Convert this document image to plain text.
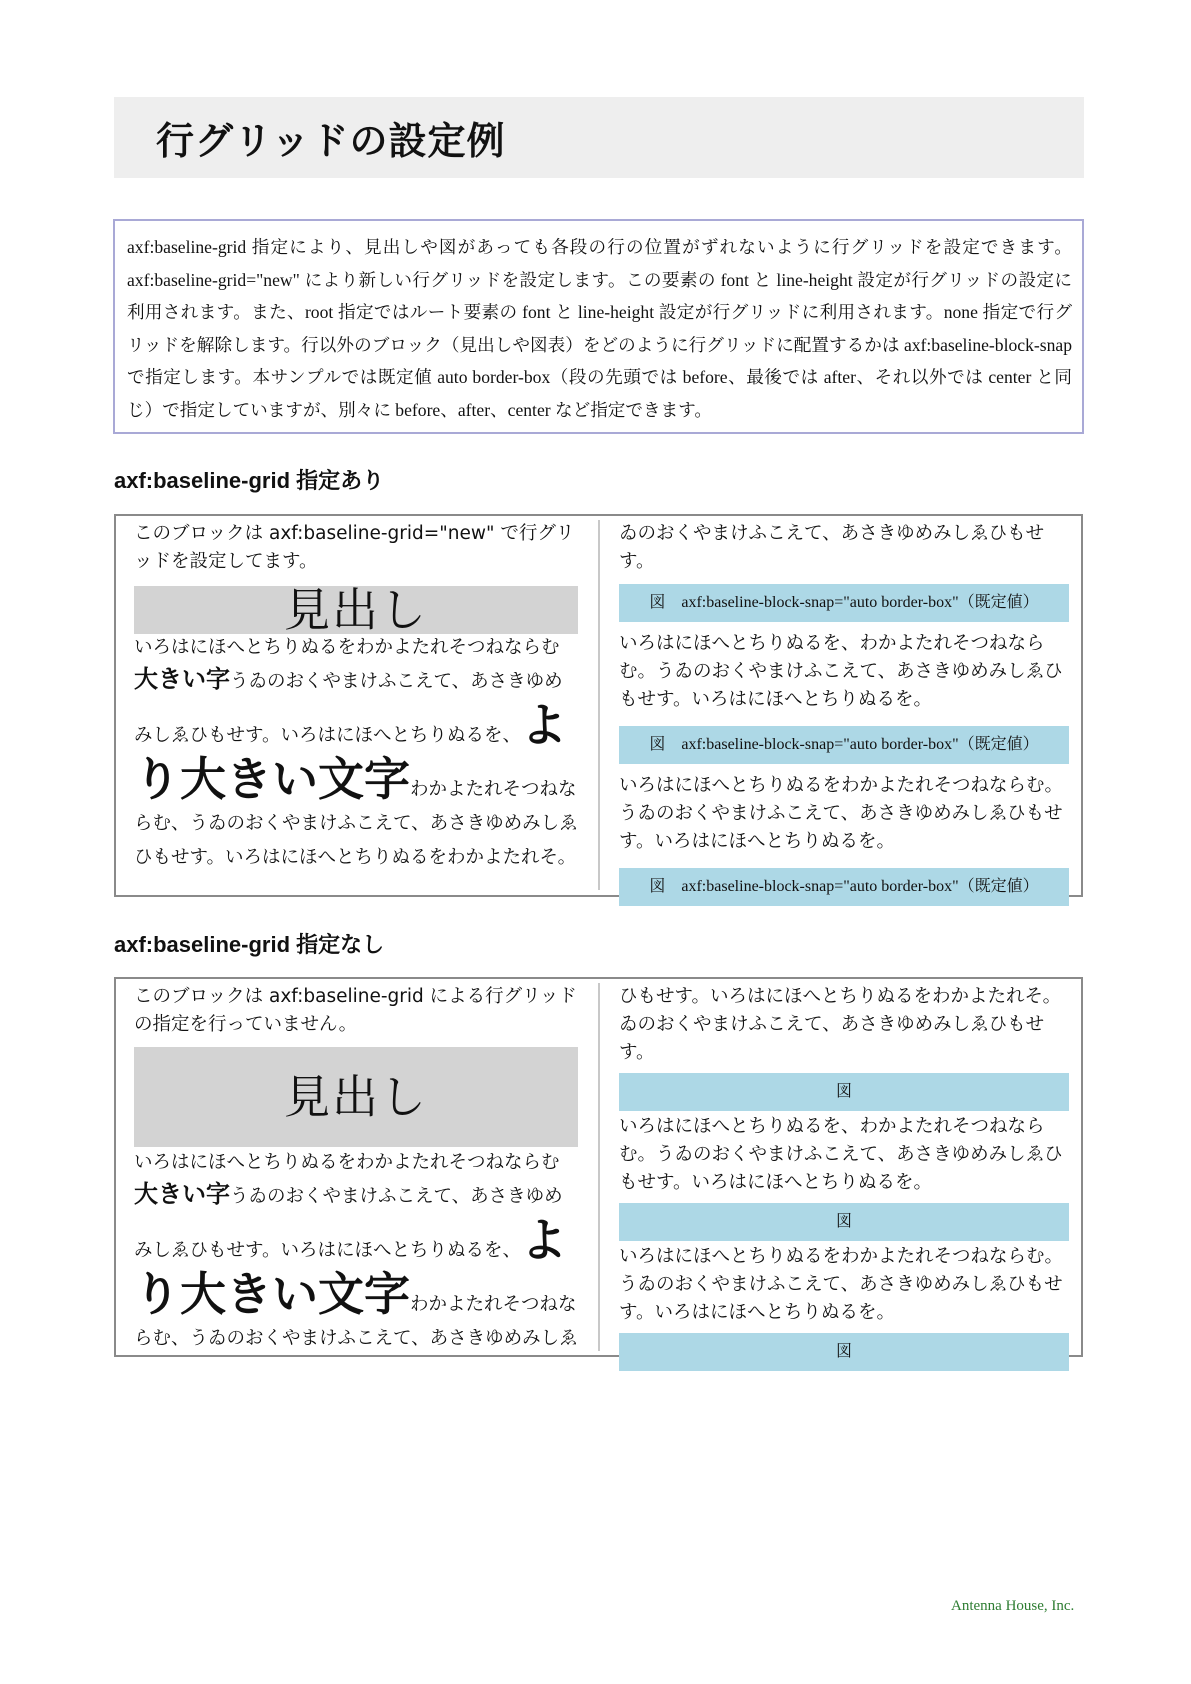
行グリッドの設定例

axf:baseline-grid 指定により、見出しや図があっても各段の行の位置がずれないように行グリッドを設定できます。axf:baseline-grid="new" により新しい行グリッドを設定します。この要素の font と line-height 設定が行グリッドの設定に利用されます。また、root 指定ではルート要素の font と line-height 設定が行グリッドに利用されます。none 指定で行グリッドを解除します。行以外のブロック（見出しや図表）をどのように行グリッドに配置するかは axf:baseline-block-snap で指定します。本サンプルでは既定値 auto border-box（段の先頭では before、最後では after、それ以外では center と同じ）で指定していますが、別々に before、after、center など指定できます。

axf:baseline-grid 指定あり

このブロックは axf:baseline-grid="new" で行グリッドを設定してます。

見出し

いろはにほへとちりぬるをわかよたれそつねならむ

大きい字うゐのおくやまけふこえて、あさきゆめみしゑひもせす。いろはにほへとちりぬるを、より大きい文字わかよたれそつねならむ、うゐのおくやまけふこえて、あさきゆめみしゑひもせす。いろはにほへとちりぬるをわかよたれそ。

ゐのおくやまけふこえて、あさきゆめみしゑひもせす。

図　axf:baseline-block-snap="auto border-box"（既定値）

いろはにほへとちりぬるを、わかよたれそつねならむ。うゐのおくやまけふこえて、あさきゆめみしゑひもせす。いろはにほへとちりぬるを。

図　axf:baseline-block-snap="auto border-box"（既定値）

いろはにほへとちりぬるをわかよたれそつねならむ。うゐのおくやまけふこえて、あさきゆめみしゑひもせす。いろはにほへとちりぬるを。

図　axf:baseline-block-snap="auto border-box"（既定値）
axf:baseline-grid 指定なし

このブロックは axf:baseline-grid による行グリッドの指定を行っていません。

見出し

いろはにほへとちりぬるをわかよたれそつねならむ

大きい字うゐのおくやまけふこえて、あさきゆめみしゑひもせす。いろはにほへとちりぬるを、より大きい文字わかよたれそつねならむ、うゐのおくやまけふこえて、あさきゆめみしゑ

ひもせす。いろはにほへとちりぬるをわかよたれそ。ゐのおくやまけふこえて、あさきゆめみしゑひもせす。

図

いろはにほへとちりぬるを、わかよたれそつねならむ。うゐのおくやまけふこえて、あさきゆめみしゑひもせす。いろはにほへとちりぬるを。

図

いろはにほへとちりぬるをわかよたれそつねならむ。うゐのおくやまけふこえて、あさきゆめみしゑひもせす。いろはにほへとちりぬるを。

図
Antenna House, Inc.
